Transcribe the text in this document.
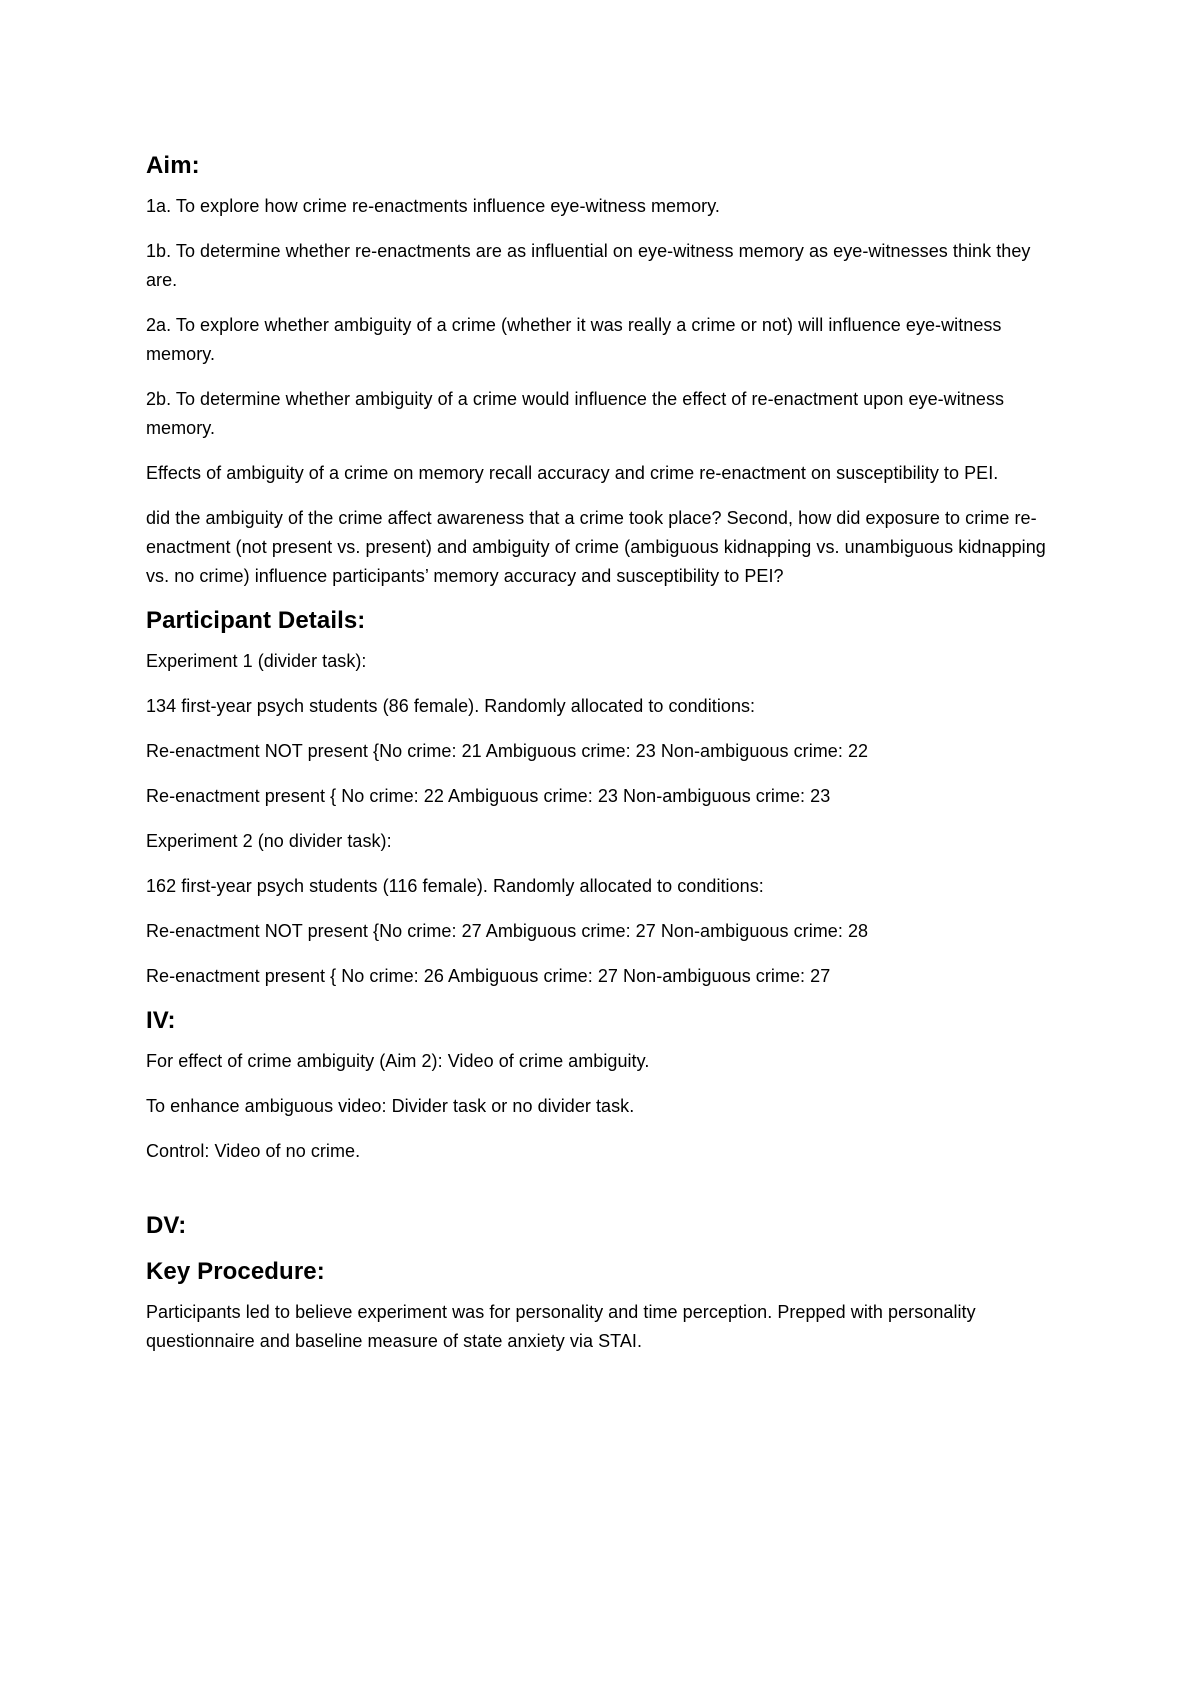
Aim:

1a. To explore how crime re-enactments influence eye-witness memory.

1b. To determine whether re-enactments are as influential on eye-witness memory as eye-witnesses think they are.

2a. To explore whether ambiguity of a crime (whether it was really a crime or not) will influence eye-witness memory.

2b. To determine whether ambiguity of a crime would influence the effect of re-enactment upon eye-witness memory.

Effects of ambiguity of a crime on memory recall accuracy and crime re-enactment on susceptibility to PEI.

did the ambiguity of the crime affect awareness that a crime took place? Second, how did exposure to crime re-enactment (not present vs. present) and ambiguity of crime (ambiguous kidnapping vs. unambiguous kidnapping vs. no crime) influence participants’ memory accuracy and susceptibility to PEI?

Participant Details:

Experiment 1 (divider task):

134 first-year psych students (86 female). Randomly allocated to conditions:

Re-enactment NOT present {No crime: 21 Ambiguous crime: 23 Non-ambiguous crime: 22

Re-enactment present { No crime: 22 Ambiguous crime: 23 Non-ambiguous crime: 23

Experiment 2 (no divider task):

162 first-year psych students (116 female). Randomly allocated to conditions:

Re-enactment NOT present {No crime: 27 Ambiguous crime: 27 Non-ambiguous crime: 28

Re-enactment present { No crime: 26 Ambiguous crime: 27 Non-ambiguous crime: 27

IV:

For effect of crime ambiguity (Aim 2): Video of crime ambiguity.

To enhance ambiguous video: Divider task or no divider task.

Control: Video of no crime.

DV:
Key Procedure:

Participants led to believe experiment was for personality and time perception. Prepped with personality questionnaire and baseline measure of state anxiety via STAI.
